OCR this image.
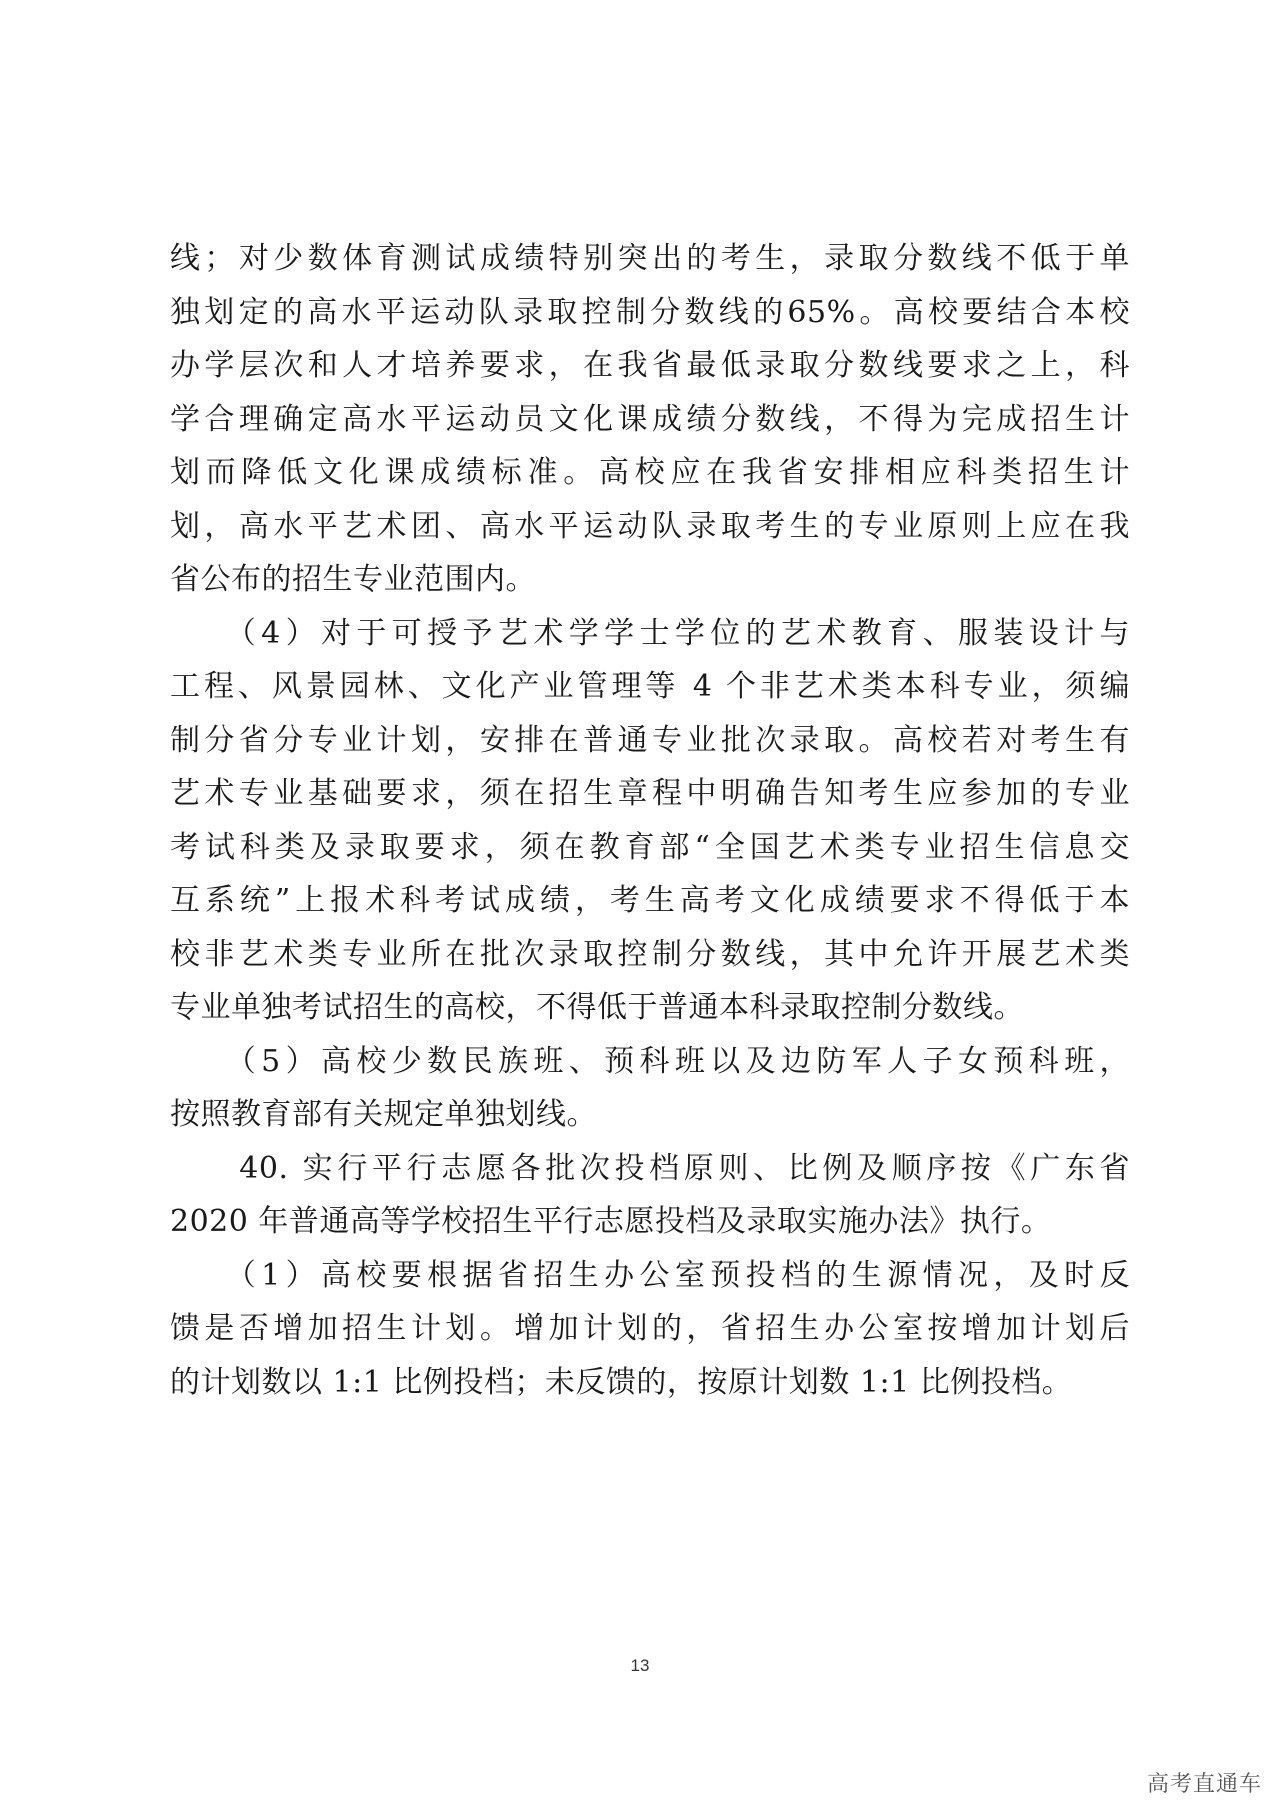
线；对少数体育测试成绩特别突出的考生，录取分数线不低于单
独划定的高水平运动队录取控制分数线的65%。高校要结合本校
办学层次和人才培养要求，在我省最低录取分数线要求之上，科
学合理确定高水平运动员文化课成绩分数线，不得为完成招生计
划而降低文化课成绩标准。高校应在我省安排相应科类招生计
划，高水平艺术团、高水平运动队录取考生的专业原则上应在我
省公布的招生专业范围内。
　　（4）对于可授予艺术学学士学位的艺术教育、服装设计与
工程、风景园林、文化产业管理等 4 个非艺术类本科专业，须编
制分省分专业计划，安排在普通专业批次录取。高校若对考生有
艺术专业基础要求，须在招生章程中明确告知考生应参加的专业
考试科类及录取要求，须在教育部“全国艺术类专业招生信息交
互系统”上报术科考试成绩，考生高考文化成绩要求不得低于本
校非艺术类专业所在批次录取控制分数线，其中允许开展艺术类
专业单独考试招生的高校，不得低于普通本科录取控制分数线。
　　（5）高校少数民族班、预科班以及边防军人子女预科班，
按照教育部有关规定单独划线。
　　40. 实行平行志愿各批次投档原则、比例及顺序按《广东省
2020 年普通高等学校招生平行志愿投档及录取实施办法》执行。
　　（1）高校要根据省招生办公室预投档的生源情况，及时反
馈是否增加招生计划。增加计划的，省招生办公室按增加计划后
的计划数以 1:1 比例投档；未反馈的，按原计划数 1:1 比例投档。
13
高考直通车
